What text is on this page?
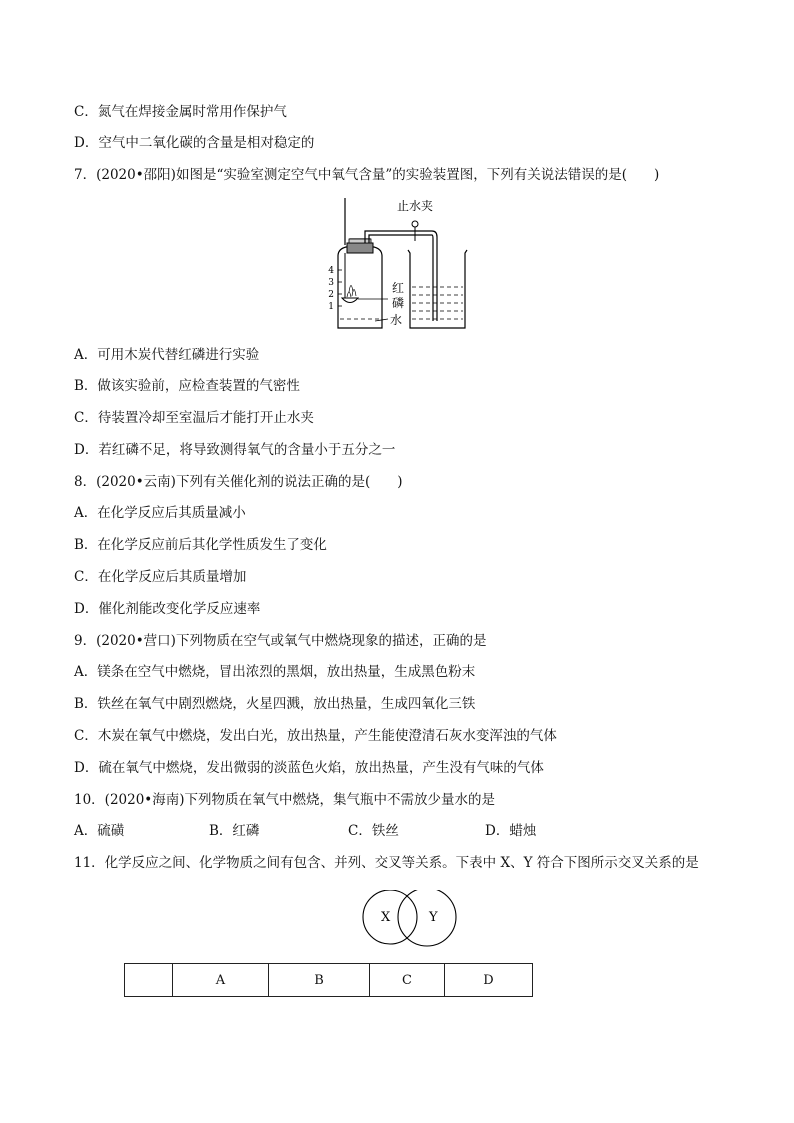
C．氮气在焊接金属时常用作保护气
D．空气中二氧化碳的含量是相对稳定的
7．(2020•邵阳)如图是“实验室测定空气中氧气含量”的实验装置图，下列有关说法错误的是(　　)
4
3
2
1
止水夹
红
磷
水
A．可用木炭代替红磷进行实验
B．做该实验前，应检查装置的气密性
C．待装置冷却至室温后才能打开止水夹
D．若红磷不足，将导致测得氧气的含量小于五分之一
8．(2020•云南)下列有关催化剂的说法正确的是(　　)
A．在化学反应后其质量减小
B．在化学反应前后其化学性质发生了变化
C．在化学反应后其质量增加
D．催化剂能改变化学反应速率
9．(2020•营口)下列物质在空气或氧气中燃烧现象的描述，正确的是
A．镁条在空气中燃烧，冒出浓烈的黑烟，放出热量，生成黑色粉末
B．铁丝在氧气中剧烈燃烧，火星四溅，放出热量，生成四氧化三铁
C．木炭在氧气中燃烧，发出白光，放出热量，产生能使澄清石灰水变浑浊的气体
D．硫在氧气中燃烧，发出微弱的淡蓝色火焰，放出热量，产生没有气味的气体
10．(2020•海南)下列物质在氧气中燃烧，集气瓶中不需放少量水的是
A．硫磺	B．红磷	C．铁丝	D．蜡烛
11．化学反应之间、化学物质之间有包含、并列、交叉等关系。下表中 X、Y 符合下图所示交叉关系的是
X	Y
	A	B	C	D
